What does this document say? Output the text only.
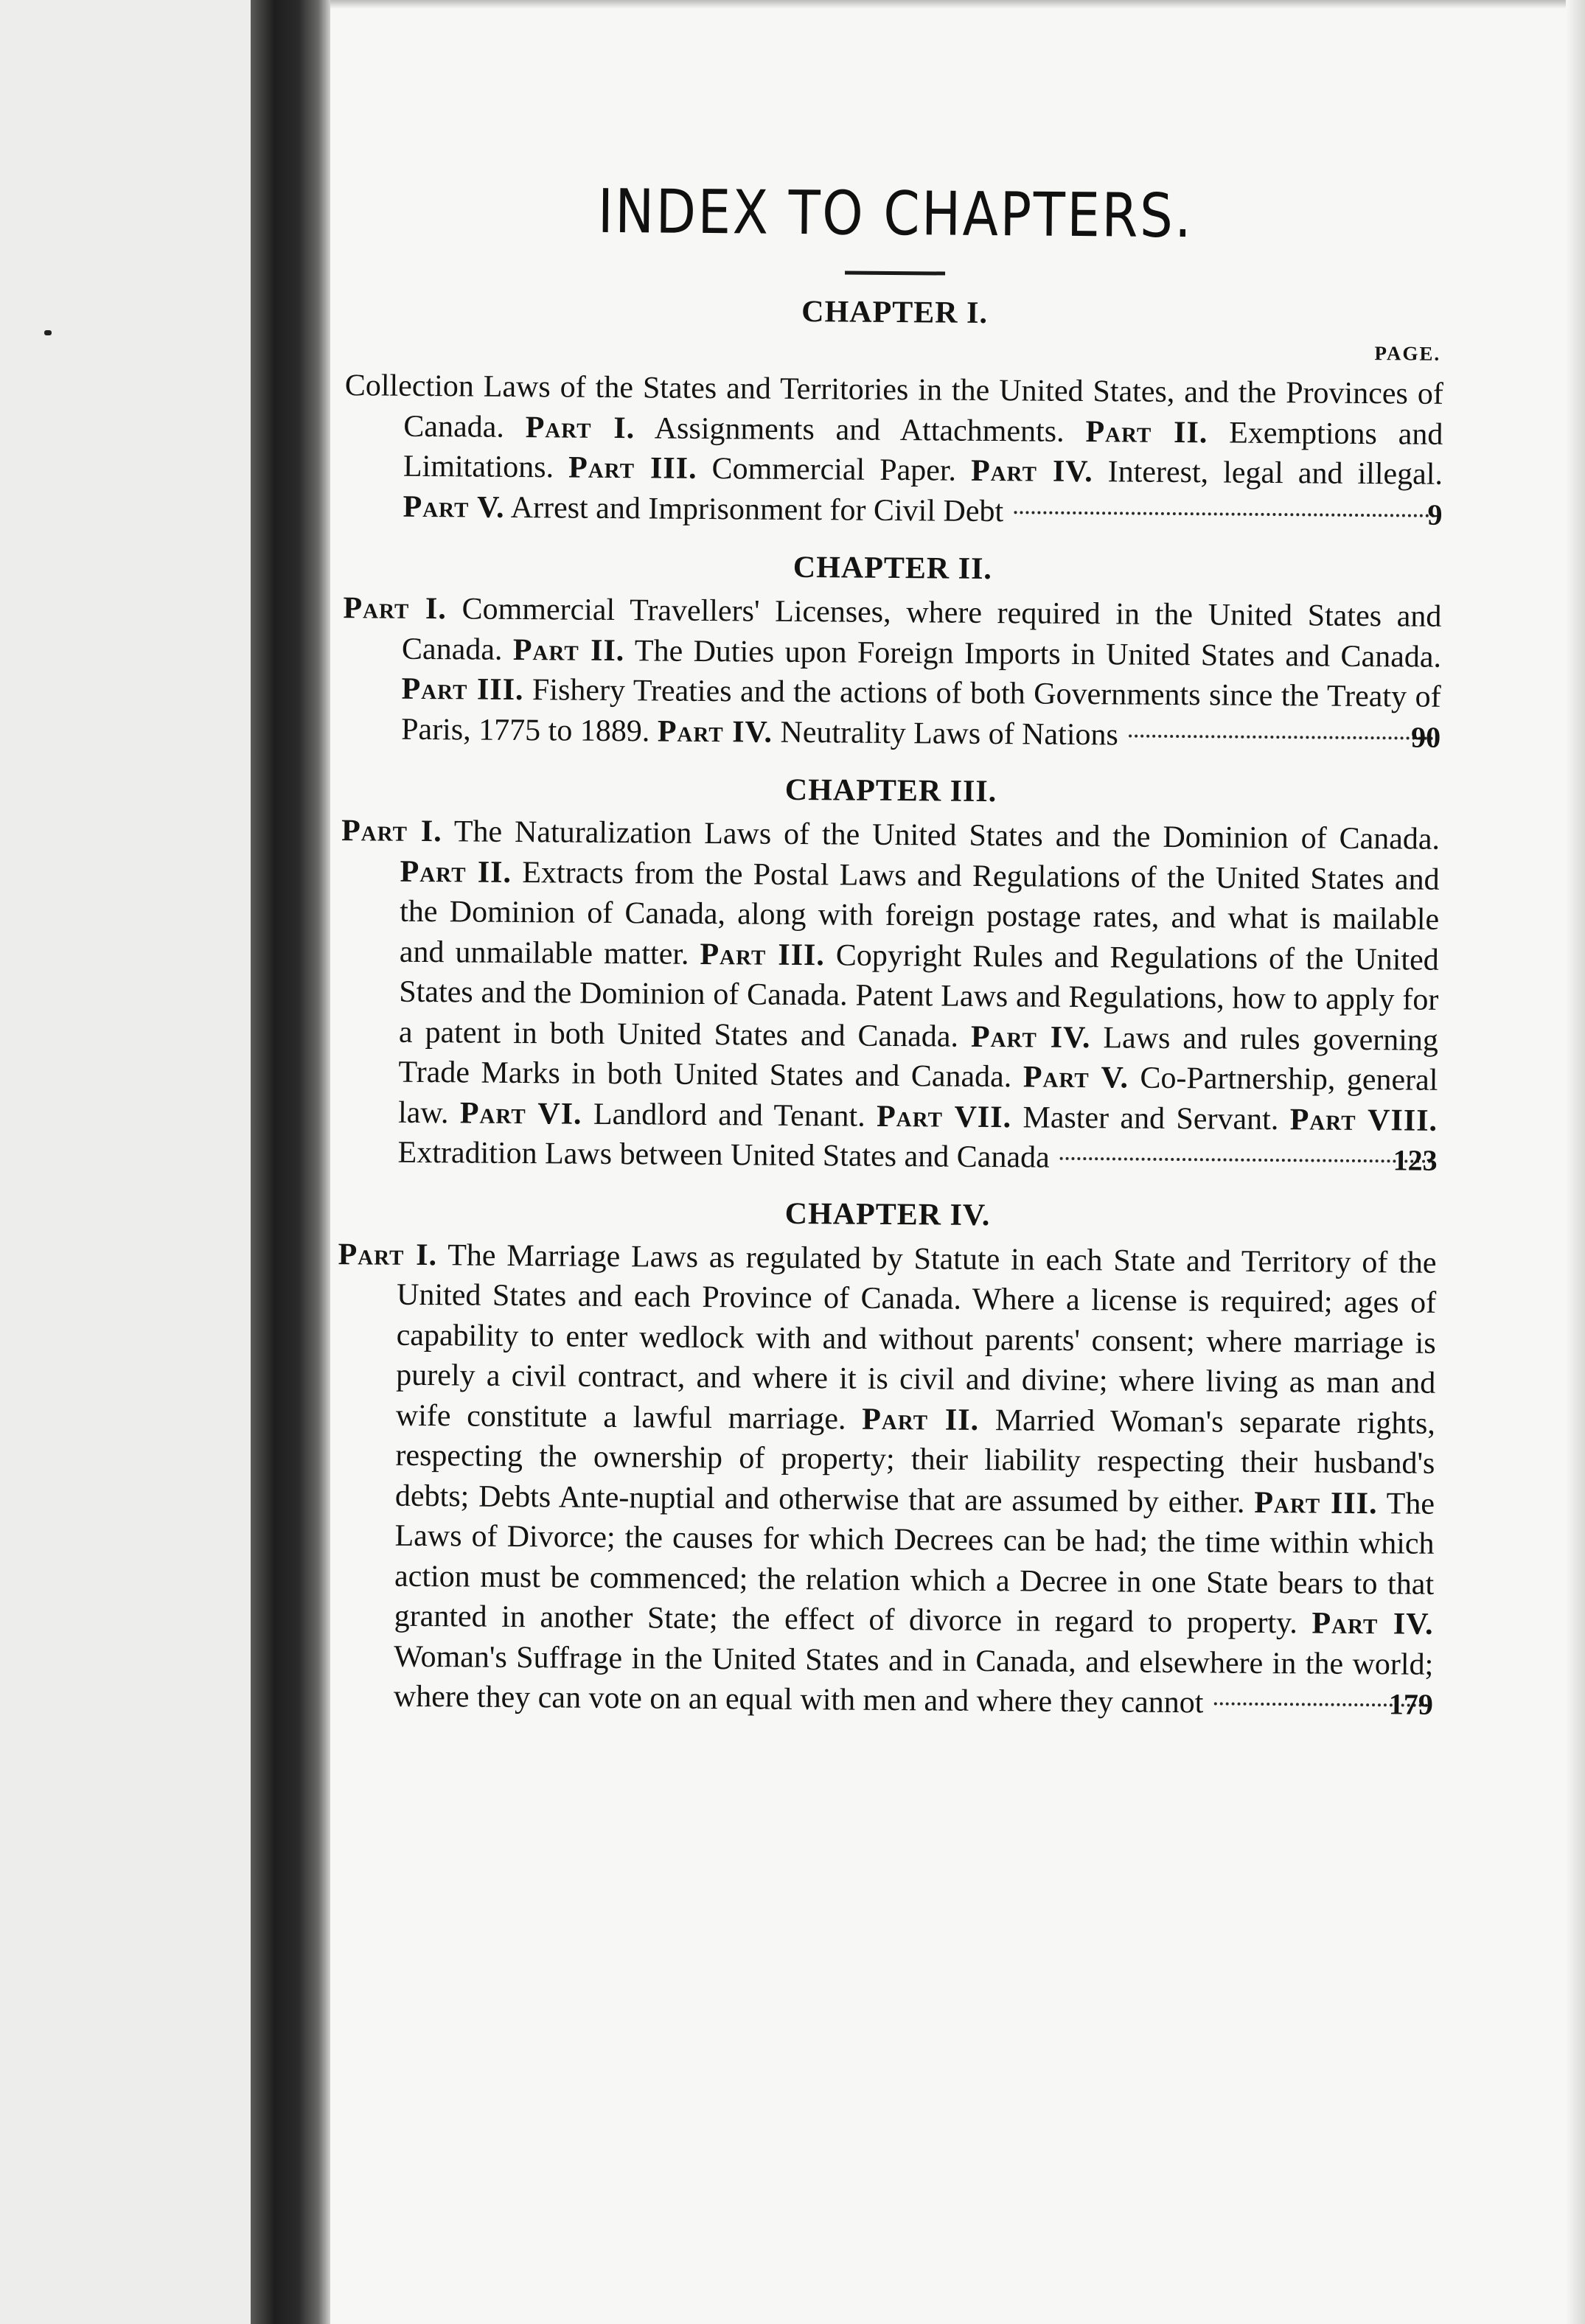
INDEX TO CHAPTERS.
CHAPTER I.
PAGE.

Collection Laws of the States and Territories in the United States, and the Provinces of Canada. Part I. Assignments and Attachments. Part II. Exemptions and Limitations. Part III. Commercial Paper. Part IV. Interest, legal and illegal. Part V. Arrest and Imprisonment for Civil Debt	9
CHAPTER II.

Part I. Commercial Travellers' Licenses, where required in the United States and Canada. Part II. The Duties upon Foreign Imports in United States and Canada. Part III. Fishery Treaties and the actions of both Governments since the Treaty of Paris, 1775 to 1889. Part IV. Neutrality Laws of Nations	90
CHAPTER III.

Part I. The Naturalization Laws of the United States and the Dominion of Canada. Part II. Extracts from the Postal Laws and Regulations of the United States and the Dominion of Canada, along with foreign postage rates, and what is mailable and unmailable matter. Part III. Copyright Rules and Regulations of the United States and the Dominion of Canada. Patent Laws and Regulations, how to apply for a patent in both United States and Canada. Part IV. Laws and rules governing Trade Marks in both United States and Canada. Part V. Co-Partnership, general law. Part VI. Landlord and Tenant. Part VII. Master and Servant. Part VIII. Extradition Laws between United States and Canada	123
CHAPTER IV.

Part I. The Marriage Laws as regulated by Statute in each State and Territory of the United States and each Province of Canada. Where a license is required; ages of capability to enter wedlock with and without parents' consent; where marriage is purely a civil contract, and where it is civil and divine; where living as man and wife constitute a lawful marriage. Part II. Married Woman's separate rights, respecting the ownership of property; their liability respecting their husband's debts; Debts Ante-nuptial and otherwise that are assumed by either. Part III. The Laws of Divorce; the causes for which Decrees can be had; the time within which action must be commenced; the relation which a Decree in one State bears to that granted in another State; the effect of divorce in regard to property. Part IV. Woman's Suffrage in the United States and in Canada, and elsewhere in the world; where they can vote on an equal with men and where they cannot	179
